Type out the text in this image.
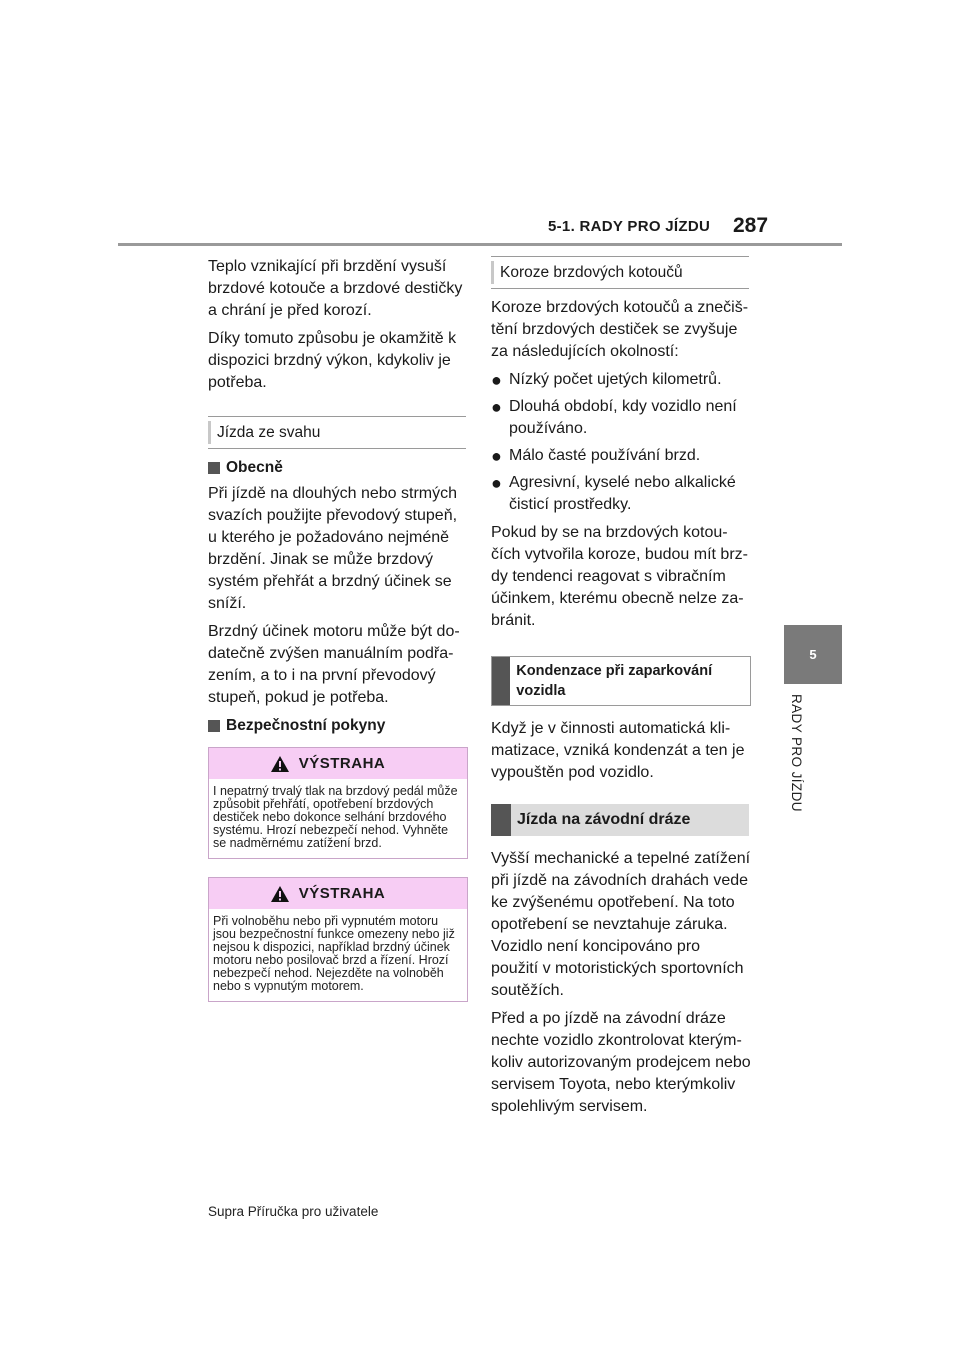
5-1. RADY PRO JÍZDU 287
5
RADY PRO JÍZDU

Teplo vznikající při brzdění vysuší brzdové kotouče a brzdové destičky a chrání je před korozí.

Díky tomuto způsobu je okamžitě k dispozici brzdný výkon, kdykoliv je potřeba.

Jízda ze svahu
Obecně

Při jízdě na dlouhých nebo strmých svazích použijte převodový stupeň, u kterého je požadováno nejméně brzdění. Jinak se může brzdový systém přehřát a brzdný účinek se sníží.

Brzdný účinek motoru může být dodatečně zvýšen manuálním podřazením, a to i na první převodový stupeň, pokud je potřeba.

Bezpečnostní pokyny
VÝSTRAHA
I nepatrný trvalý tlak na brzdový pedál může způsobit přehřátí, opotřebení brzdových destiček nebo dokonce selhání brzdového systému. Hrozí nebezpečí nehod. Vyhněte se nadměrnému zatížení brzd.
VÝSTRAHA
Při volnoběhu nebo při vypnutém motoru jsou bezpečnostní funkce omezeny nebo již nejsou k dispozici, například brzdný účinek motoru nebo posilovač brzd a řízení. Hrozí nebezpečí nehod. Nejezděte na volnoběh nebo s vypnutým motorem.
Koroze brzdových kotoučů

Koroze brzdových kotoučů a znečištění brzdových destiček se zvyšuje za následujících okolností:

● Nízký počet ujetých kilometrů.
● Dlouhá období, kdy vozidlo není používáno.
● Málo časté používání brzd.
● Agresivní, kyselé nebo alkalické čisticí prostředky.

Pokud by se na brzdových kotoučích vytvořila koroze, budou mít brzdy tendenci reagovat s vibračním účinkem, kterému obecně nelze zabránit.

Kondenzace při zaparkování vozidla

Když je v činnosti automatická klimatizace, vzniká kondenzát a ten je vypouštěn pod vozidlo.

Jízda na závodní dráze

Vyšší mechanické a tepelné zatížení při jízdě na závodních drahách vede ke zvýšenému opotřebení. Na toto opotřebení se nevztahuje záruka. Vozidlo není koncipováno pro použití v motoristických sportovních soutěžích.

Před a po jízdě na závodní dráze nechte vozidlo zkontrolovat kterýmkoliv autorizovaným prodejcem nebo servisem Toyota, nebo kterýmkoliv spolehlivým servisem.

Supra Příručka pro uživatele
